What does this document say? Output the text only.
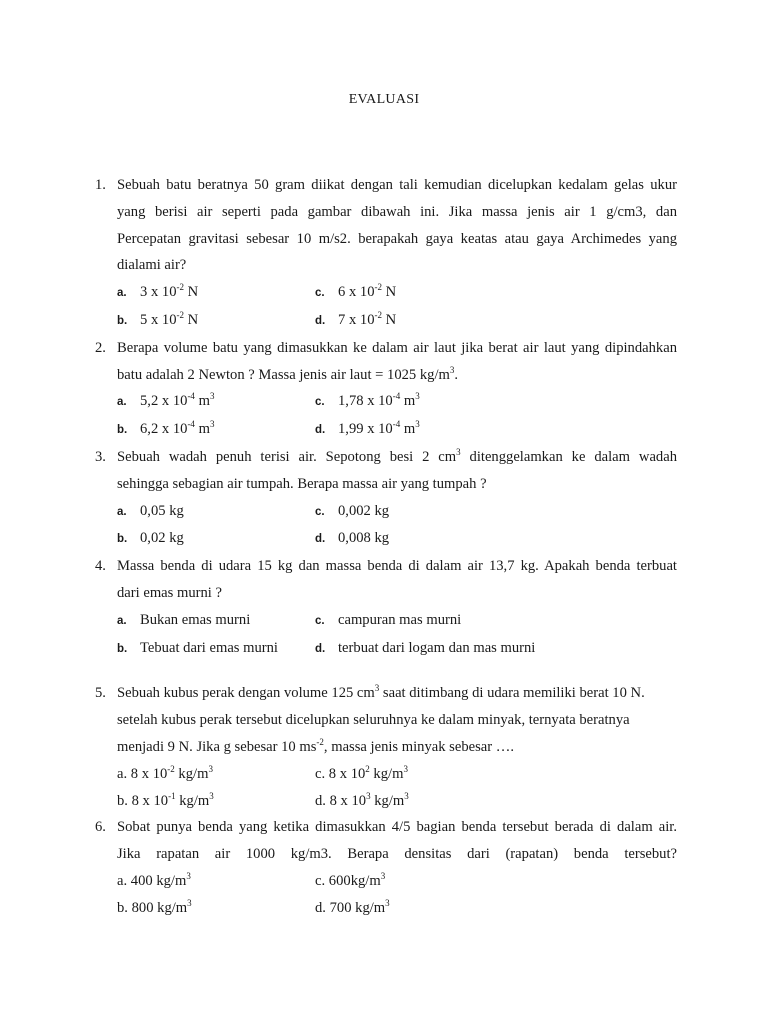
EVALUASI
1. Sebuah batu beratnya 50 gram diikat dengan tali kemudian dicelupkan kedalam gelas ukur
yang berisi air seperti pada gambar dibawah ini. Jika massa jenis air 1 g/cm3, dan
Percepatan gravitasi sebesar 10 m/s2. berapakah gaya keatas atau gaya Archimedes yang
dialami air?
a. 3 x $10^{-2}$ N	c. 6 x $10^{-2}$ N
b. 5 x $10^{-2}$ N	d. 7 x $10^{-2}$ N
2. Berapa volume batu yang dimasukkan ke dalam air laut jika berat air laut yang dipindahkan
batu adalah 2 Newton ? Massa jenis air laut = 1025 $kg/m^3$.
a. 5,2 x $10^{-4}$ $m^3$	c. 1,78 x $10^{-4}$ $m^3$
b. 6,2 x $10^{-4}$ $m^3$	d. 1,99 x $10^{-4}$ $m^3$
3. Sebuah wadah penuh terisi air. Sepotong besi 2 $cm^3$ ditenggelamkan ke dalam wadah
sehingga sebagian air tumpah. Berapa massa air yang tumpah ?
a. 0,05 kg	c. 0,002 kg
b. 0,02 kg	d. 0,008 kg
4. Massa benda di udara 15 kg dan massa benda di dalam air 13,7 kg. Apakah benda terbuat
dari emas murni ?
a. Bukan emas murni	c. campuran mas murni
b. Tebuat dari emas murni	d. terbuat dari logam dan mas murni
5. Sebuah kubus perak dengan volume 125 $cm^3$ saat ditimbang di udara memiliki berat 10 N.
setelah kubus perak tersebut dicelupkan seluruhnya ke dalam minyak, ternyata beratnya
menjadi 9 N. Jika g sebesar 10 $ms^{-2}$, massa jenis minyak sebesar ….
a. 8 x $10^{-2}$ $kg/m^3$	c. 8 x $10^2$ $kg/m^3$
b. 8 x $10^{-1}$ $kg/m^3$	d. 8 x $10^3$ $kg/m^3$
6. Sobat punya benda yang ketika dimasukkan 4/5 bagian benda tersebut berada di dalam air.
Jika rapatan air 1000 kg/m3. Berapa densitas dari (rapatan) benda tersebut?
a. 400 $kg/m^3$	c. $600kg/m^3$
b. 800 $kg/m^3$	d. 700 $kg/m^3$
